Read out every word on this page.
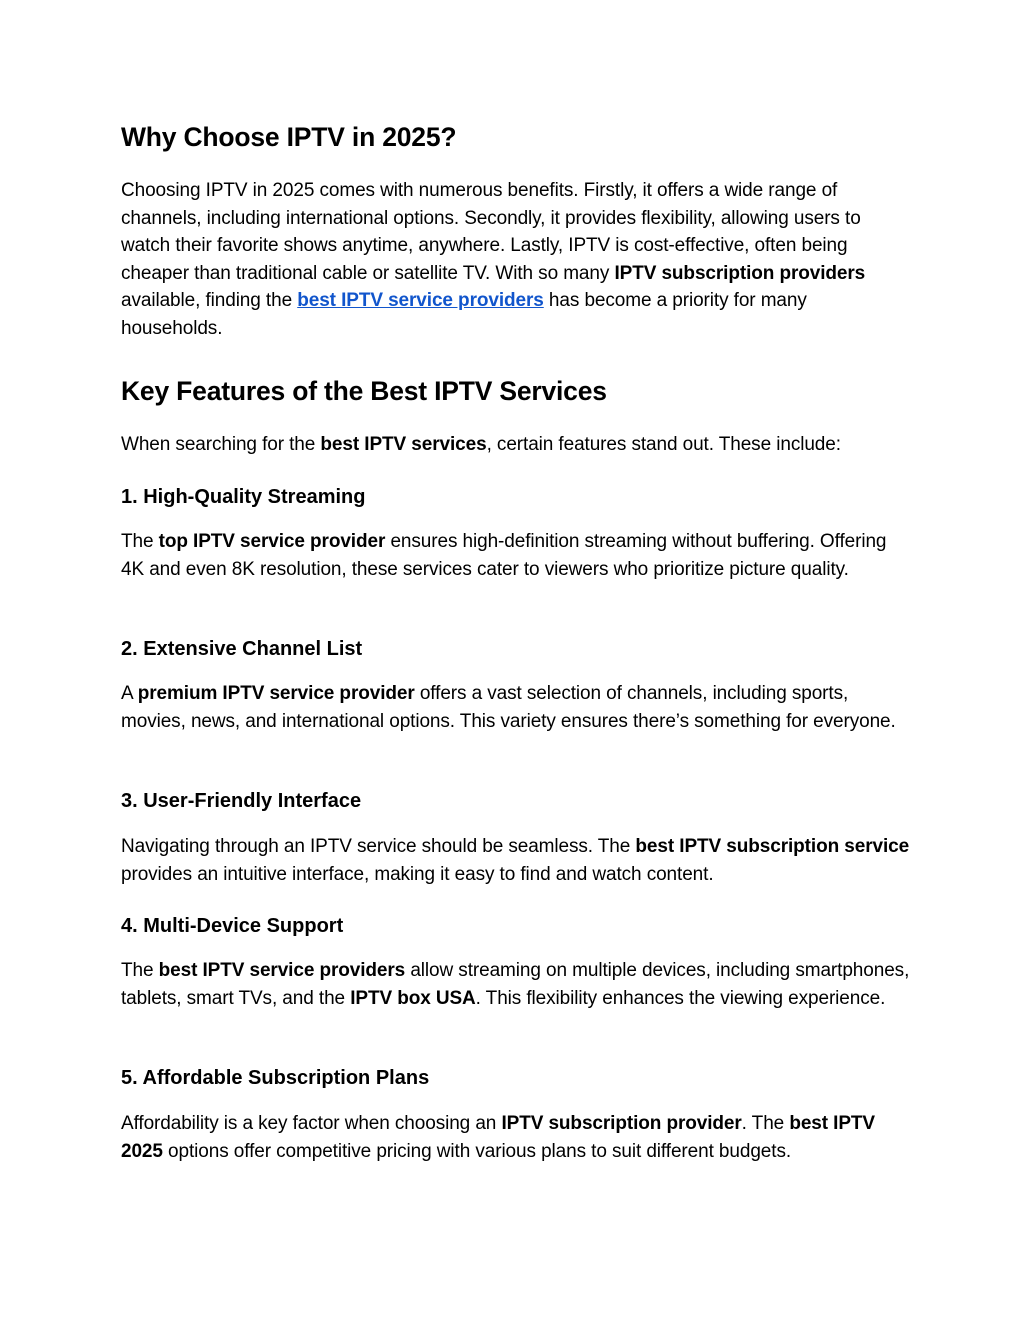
Why Choose IPTV in 2025?

Choosing IPTV in 2025 comes with numerous benefits. Firstly, it offers a wide range of channels, including international options. Secondly, it provides flexibility, allowing users to watch their favorite shows anytime, anywhere. Lastly, IPTV is cost-effective, often being cheaper than traditional cable or satellite TV. With so many IPTV subscription providers available, finding the best IPTV service providers has become a priority for many households.

Key Features of the Best IPTV Services

When searching for the best IPTV services, certain features stand out. These include:

1. High-Quality Streaming

The top IPTV service provider ensures high-definition streaming without buffering. Offering 4K and even 8K resolution, these services cater to viewers who prioritize picture quality.

2. Extensive Channel List

A premium IPTV service provider offers a vast selection of channels, including sports, movies, news, and international options. This variety ensures there’s something for everyone.

3. User-Friendly Interface

Navigating through an IPTV service should be seamless. The best IPTV subscription service provides an intuitive interface, making it easy to find and watch content.

4. Multi-Device Support

The best IPTV service providers allow streaming on multiple devices, including smartphones, tablets, smart TVs, and the IPTV box USA. This flexibility enhances the viewing experience.

5. Affordable Subscription Plans

Affordability is a key factor when choosing an IPTV subscription provider. The best IPTV 2025 options offer competitive pricing with various plans to suit different budgets.
